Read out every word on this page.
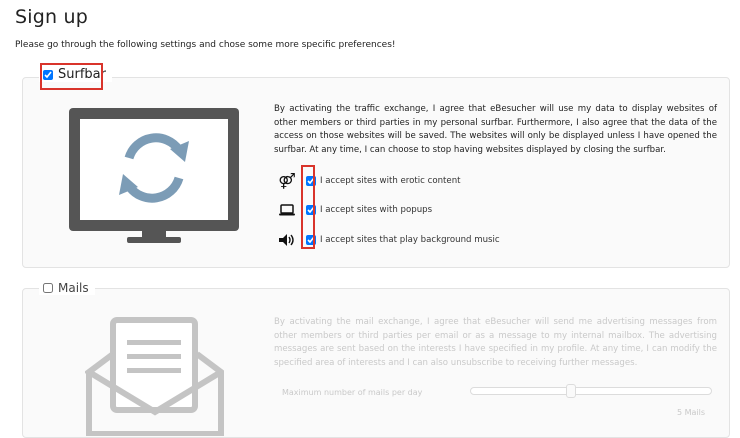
Sign up
Please go through the following settings and chose some more specific preferences!
Surfbar
By activating the traffic exchange, I agree that eBesucher will use my data to display websites of other members or third parties in my personal surfbar. Furthermore, I also agree that the data of the access on those websites will be saved. The websites will only be displayed unless I have opened the surfbar. At any time, I can choose to stop having websites displayed by closing the surfbar.
⚤	I accept sites with erotic content
I accept sites with popups
I accept sites that play background music
Mails
By activating the mail exchange, I agree that eBesucher will send me advertising messages from other members or third parties per email or as a message to my internal mailbox. The advertising messages are sent based on the interests I have specified in my profile. At any time, I can modify the specified area of interests and I can also unsubscribe to receiving further messages.
Maximum number of mails per day
5 Mails
